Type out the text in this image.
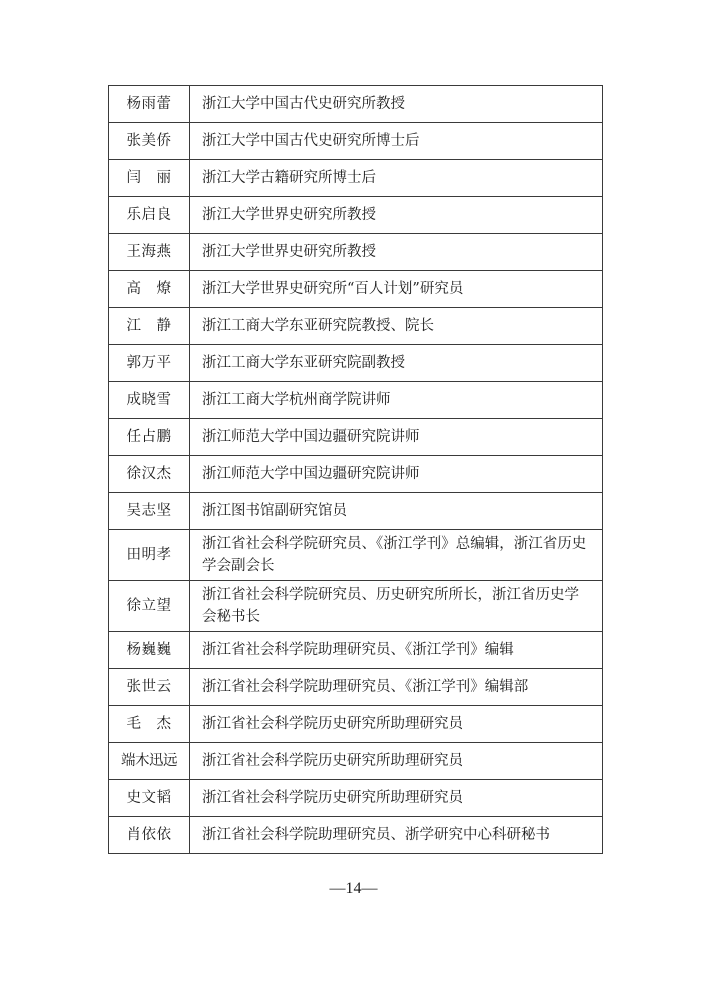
杨雨蕾	浙江大学中国古代史研究所教授
张美侨	浙江大学中国古代史研究所博士后
闫　丽	浙江大学古籍研究所博士后
乐启良	浙江大学世界史研究所教授
王海燕	浙江大学世界史研究所教授
高　燎	浙江大学世界史研究所“百人计划”研究员
江　静	浙江工商大学东亚研究院教授、院长
郭万平	浙江工商大学东亚研究院副教授
成晓雪	浙江工商大学杭州商学院讲师
任占鹏	浙江师范大学中国边疆研究院讲师
徐汉杰	浙江师范大学中国边疆研究院讲师
吴志坚	浙江图书馆副研究馆员
田明孝	浙江省社会科学院研究员、《浙江学刊》总编辑，浙江省历史学会副会长
徐立望	浙江省社会科学院研究员、历史研究所所长，浙江省历史学会秘书长
杨巍巍	浙江省社会科学院助理研究员、《浙江学刊》编辑
张世云	浙江省社会科学院助理研究员、《浙江学刊》编辑部
毛　杰	浙江省社会科学院历史研究所助理研究员
端木迅远	浙江省社会科学院历史研究所助理研究员
史文韬	浙江省社会科学院历史研究所助理研究员
肖依依	浙江省社会科学院助理研究员、浙学研究中心科研秘书
—14—
